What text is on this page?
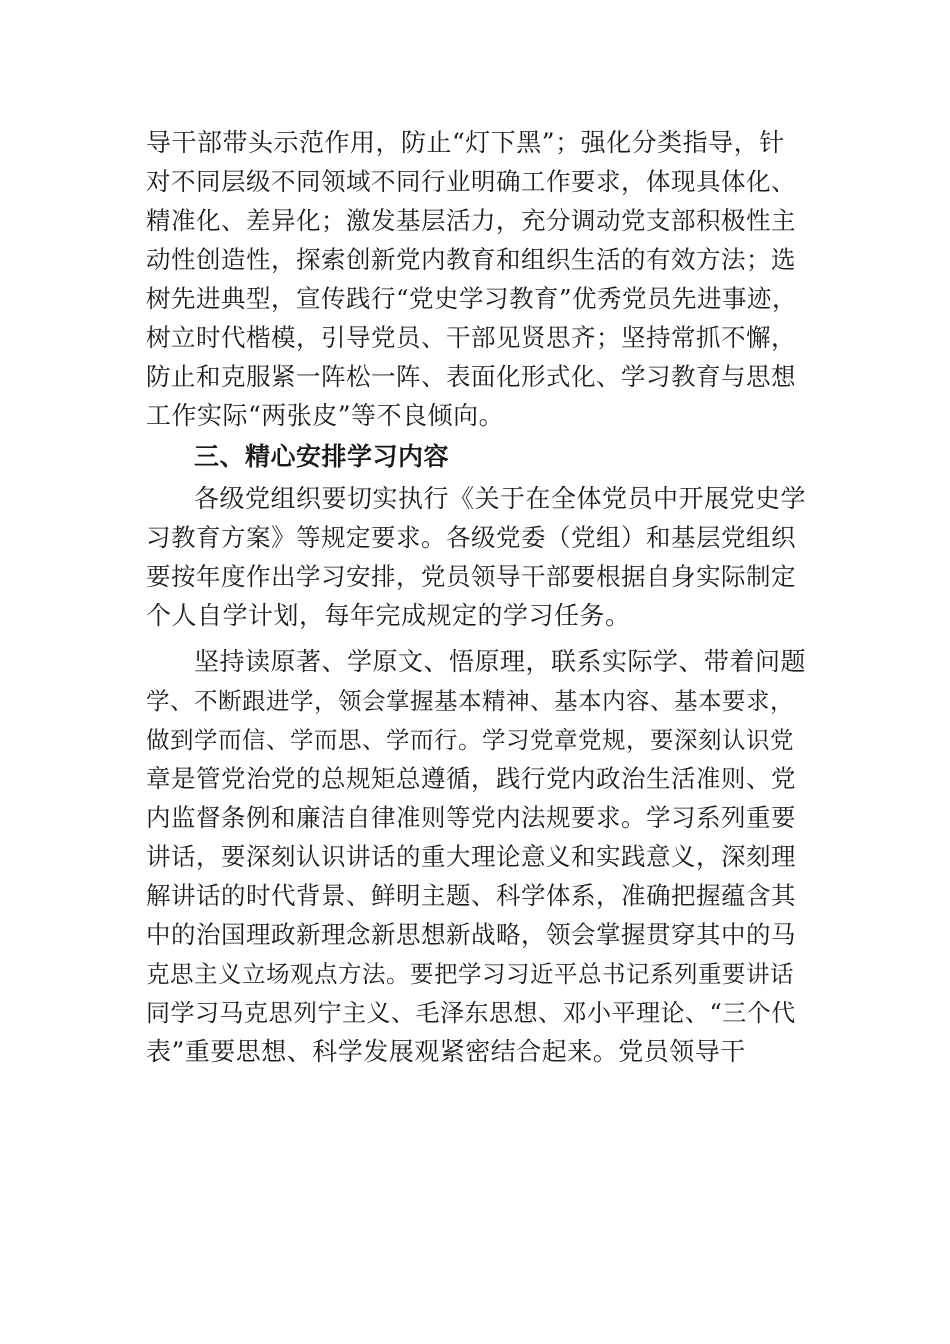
导干部带头示范作用，防止“灯下黑”；强化分类指导，针
对不同层级不同领域不同行业明确工作要求，体现具体化、
精准化、差异化；激发基层活力，充分调动党支部积极性主
动性创造性，探索创新党内教育和组织生活的有效方法；选
树先进典型，宣传践行“党史学习教育”优秀党员先进事迹，
树立时代楷模，引导党员、干部见贤思齐；坚持常抓不懈，
防止和克服紧一阵松一阵、表面化形式化、学习教育与思想
工作实际“两张皮”等不良倾向。
三、精心安排学习内容
各级党组织要切实执行《关于在全体党员中开展党史学
习教育方案》等规定要求。各级党委（党组）和基层党组织
要按年度作出学习安排，党员领导干部要根据自身实际制定
个人自学计划，每年完成规定的学习任务。
坚持读原著、学原文、悟原理，联系实际学、带着问题
学、不断跟进学，领会掌握基本精神、基本内容、基本要求，
做到学而信、学而思、学而行。学习党章党规，要深刻认识党
章是管党治党的总规矩总遵循，践行党内政治生活准则、党
内监督条例和廉洁自律准则等党内法规要求。学习系列重要
讲话，要深刻认识讲话的重大理论意义和实践意义，深刻理
解讲话的时代背景、鲜明主题、科学体系，准确把握蕴含其
中的治国理政新理念新思想新战略，领会掌握贯穿其中的马
克思主义立场观点方法。要把学习习近平总书记系列重要讲话
同学习马克思列宁主义、毛泽东思想、邓小平理论、“三个代
表”重要思想、科学发展观紧密结合起来。党员领导干
